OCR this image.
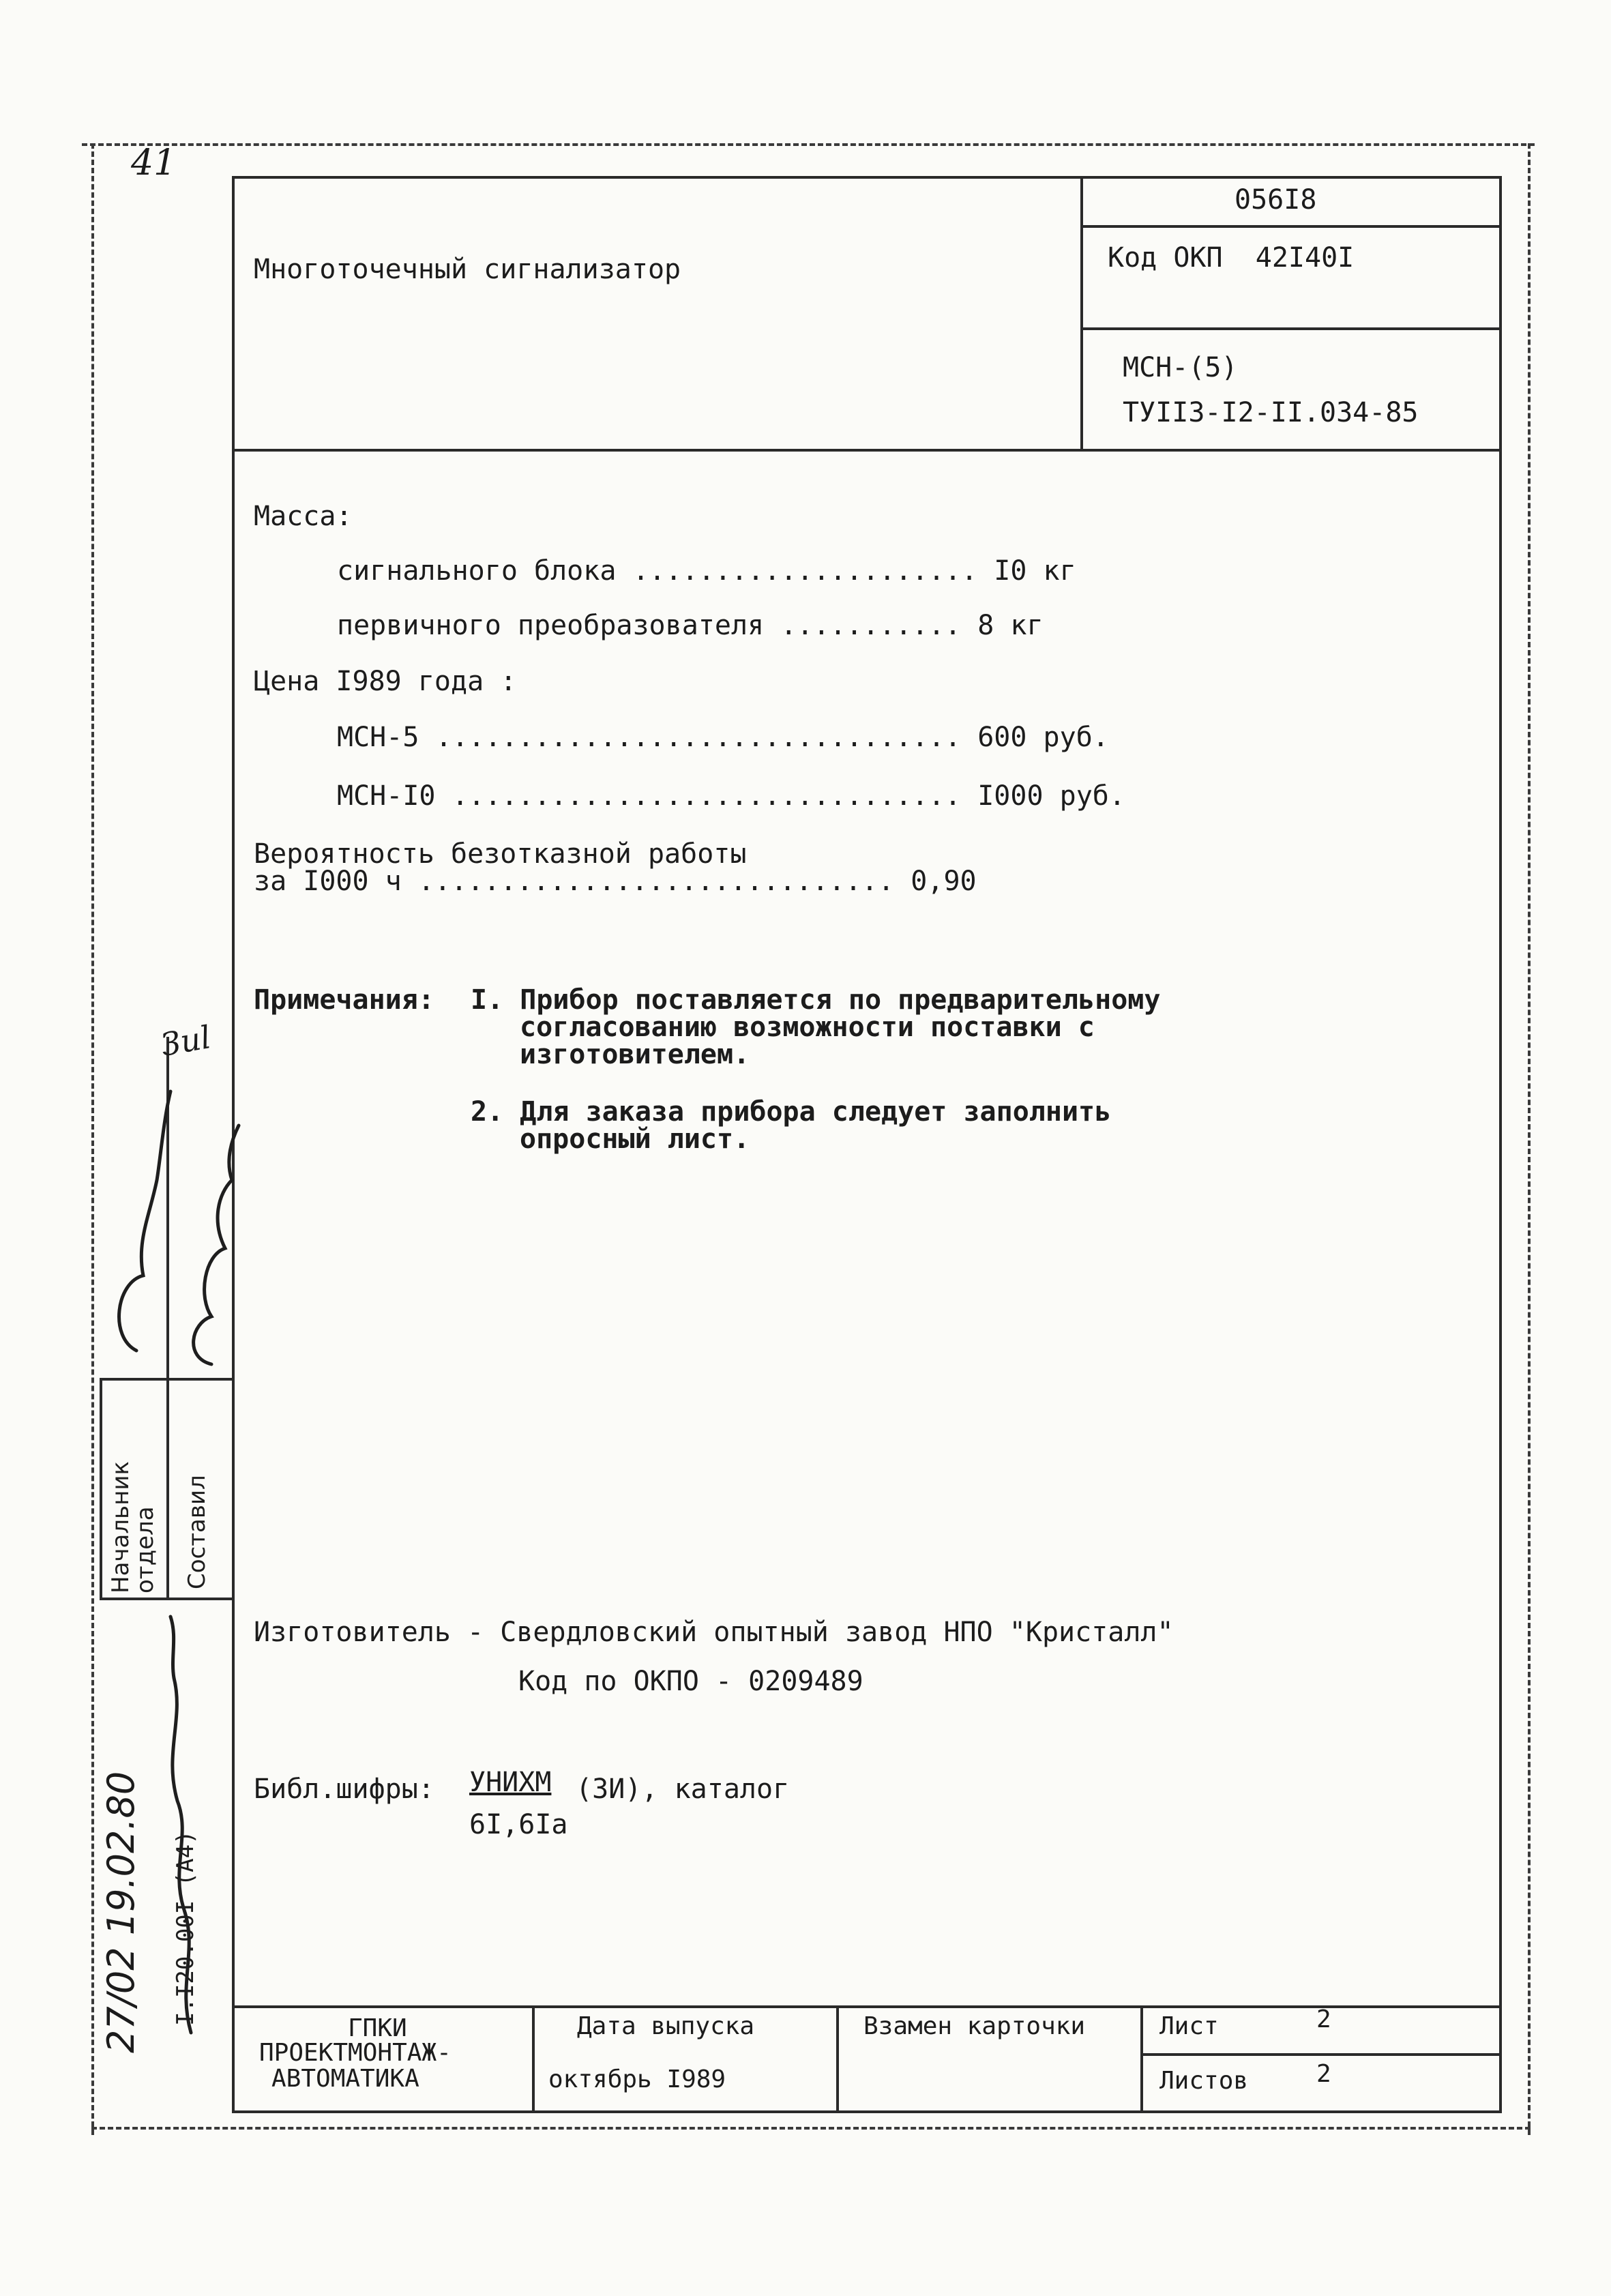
41
Многоточечный сигнализатор
056I8
Код ОКП  42I40I
МСН-(5)
ТУII3-I2-II.034-85
Масса:
сигнального блока ..................... I0 кг
первичного преобразователя ........... 8 кг
Цена I989 года :
МСН-5 ................................ 600 руб.
МСН-I0 ............................... I000 руб.
Вероятность безотказной работы
за I000 ч ............................. 0,90
Примечания: I. Прибор поставляется по предварительному
согласованию возможности поставки с
изготовителем.
2. Для заказа прибора следует заполнить
опросный лист.
Изготовитель - Свердловский опытный завод НПО "Кристалл"
Код по ОКПО - 0209489
Библ.шифры: УНИХМ (ЗИ), каталог
6I,6Iа
ГПКИ
ПРОЕКТМОНТАЖ-
АВТОМАТИКА
Дата выпуска
октябрь I989
Взамен карточки	Лист	2
Листов	2
Начальник отдела Составил
I.I20.00I (А4)
Зиl
27/02 19.02.80
